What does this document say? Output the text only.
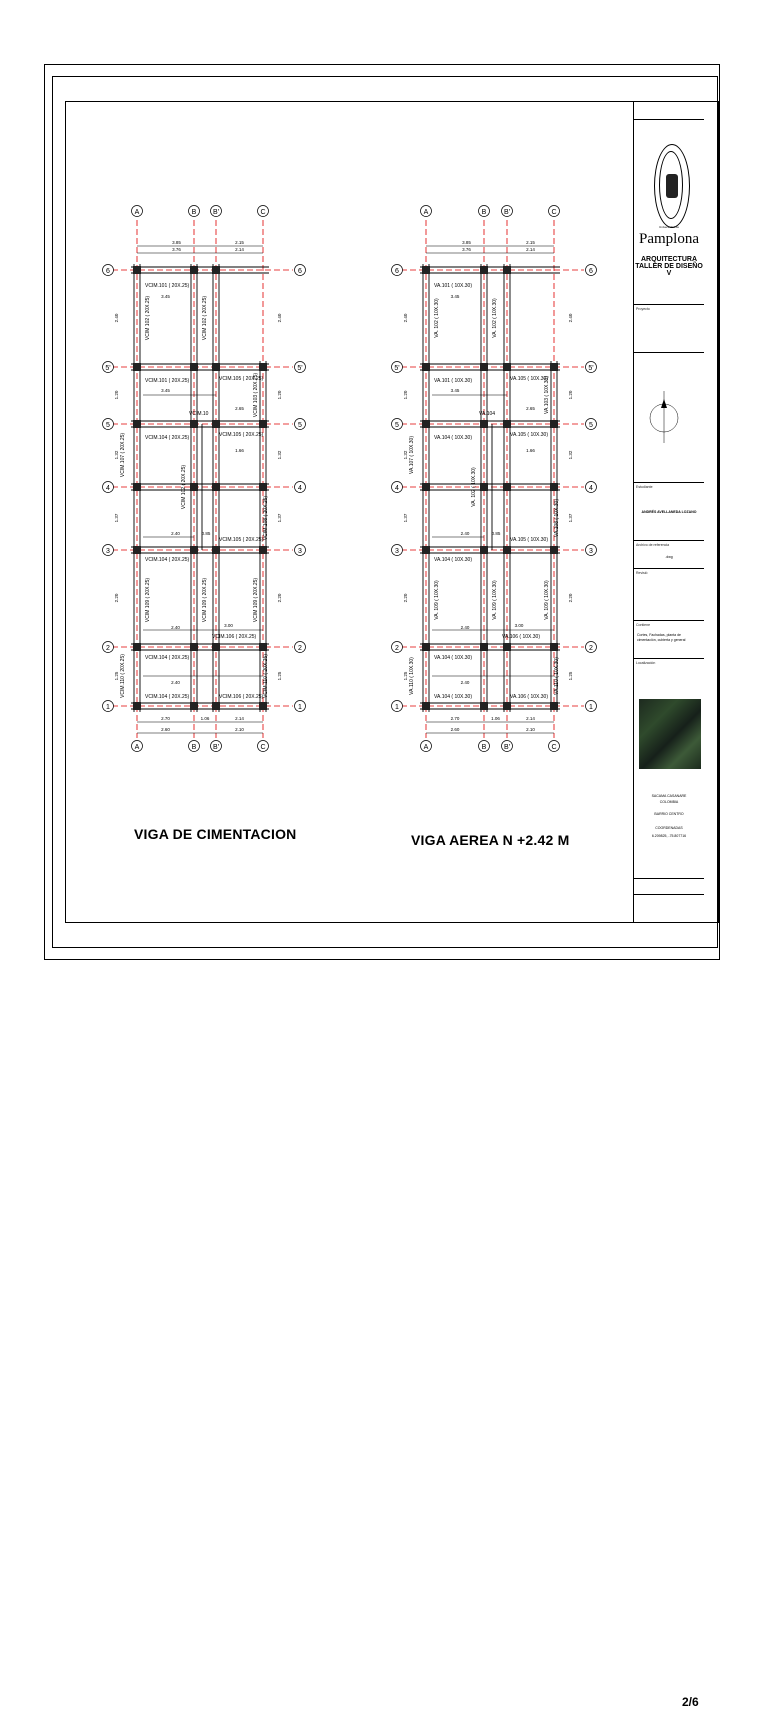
A
A
B
B
B'
B'
C
C
6	6
5'	5'
5	5
4	4
3	3
2	2
1	1
3.85
3.76
2.15
2.14
2.70
2.60
1.06	2.14
2.10
3.45
3.45
2.65
1.66
2.40	0.85
3.00
2.40
2.40
2.40	2.40
1.20	1.20
1.32	1.32
1.37	1.37
2.20	2.20
1.25	1.25
VCIM.101 ( 20X.25)
VCIM.101 ( 20X.25)	VCIM.105 ( 20X.25)
VCIM.10
VCIM.104 ( 20X.25)	VCIM.105 ( 20X.25)
VCIM.105 ( 20X.25)
VCIM.104 ( 20X.25)
VCIM.106 ( 20X.25)
VCIM.104 ( 20X.25)
VCIM.104 ( 20X.25)	VCIM.106 ( 20X.25)
VCIM 102 ( 20X.25)	VCIM 102 ( 20X.25)
VCIM 103 ( 20X.25)
VCIM 102 ( 20X.25)
VCIM 109 ( 20X.25)	VCIM 109 ( 20X.25)	VCIM 109 ( 20X.25)
VCIM.107 ( 20X.25)
VCIM.108 ( 20X.25)
VCIM.110 ( 20X.25)	VCIM.110 ( 20X.25)
A
A
B
B
B'
B'
C
C
6	6
5'	5'
5	5
4	4
3	3
2	2
1	1
3.85
3.76
2.15
2.14
2.70
2.60
1.06	2.14
2.10
3.45
3.45
2.65
1.66
2.40	0.85
3.00
2.40
2.40
2.40	2.40
1.20	1.20
1.32	1.32
1.37	1.37
2.20	2.20
1.25	1.25
VA.101 ( 10X.30)
VA.101 ( 10X.30)	VA.105 ( 10X.30)
VA.104
VA.104 ( 10X.30)	VA.105 ( 10X.30)
VA.105 ( 10X.30)
VA.104 ( 10X.30)
VA.106 ( 10X.30)
VA.104 ( 10X.30)
VA.104 ( 10X.30)	VA.106 ( 10X.30)
VA. 102 ( 10X.30)	VA. 102 ( 10X.30)
VA.103 ( 10X.30)
VA. 102 ( 10X.30)
VA. 109 ( 10X.30)	VA. 109 ( 10X.30)	VA. 109 ( 10X.30)
VA.107 ( 10X.30)
VA.108 ( 10X.30)
VA.110 ( 10X.30)	VA.110 ( 10X.30)
VIGA DE CIMENTACION	VIGA AEREA N +2.42 M
Universidad de
Pamplona
ARQUITECTURA
TALLER DE DISEÑO V
Proyecto
Estudiante
ANDRÉS AVELLANEDA LOZANO
Archivo de referencia
.dwg
Revisió
Contiene
Cortes, Fachadas, planta de cimentación, cubierta y general
Localización
SACAMA CASANARE
COLOMBIA
BARRIO CENTRO
COORDENADAS
6.209825, -75.807716
2/6
